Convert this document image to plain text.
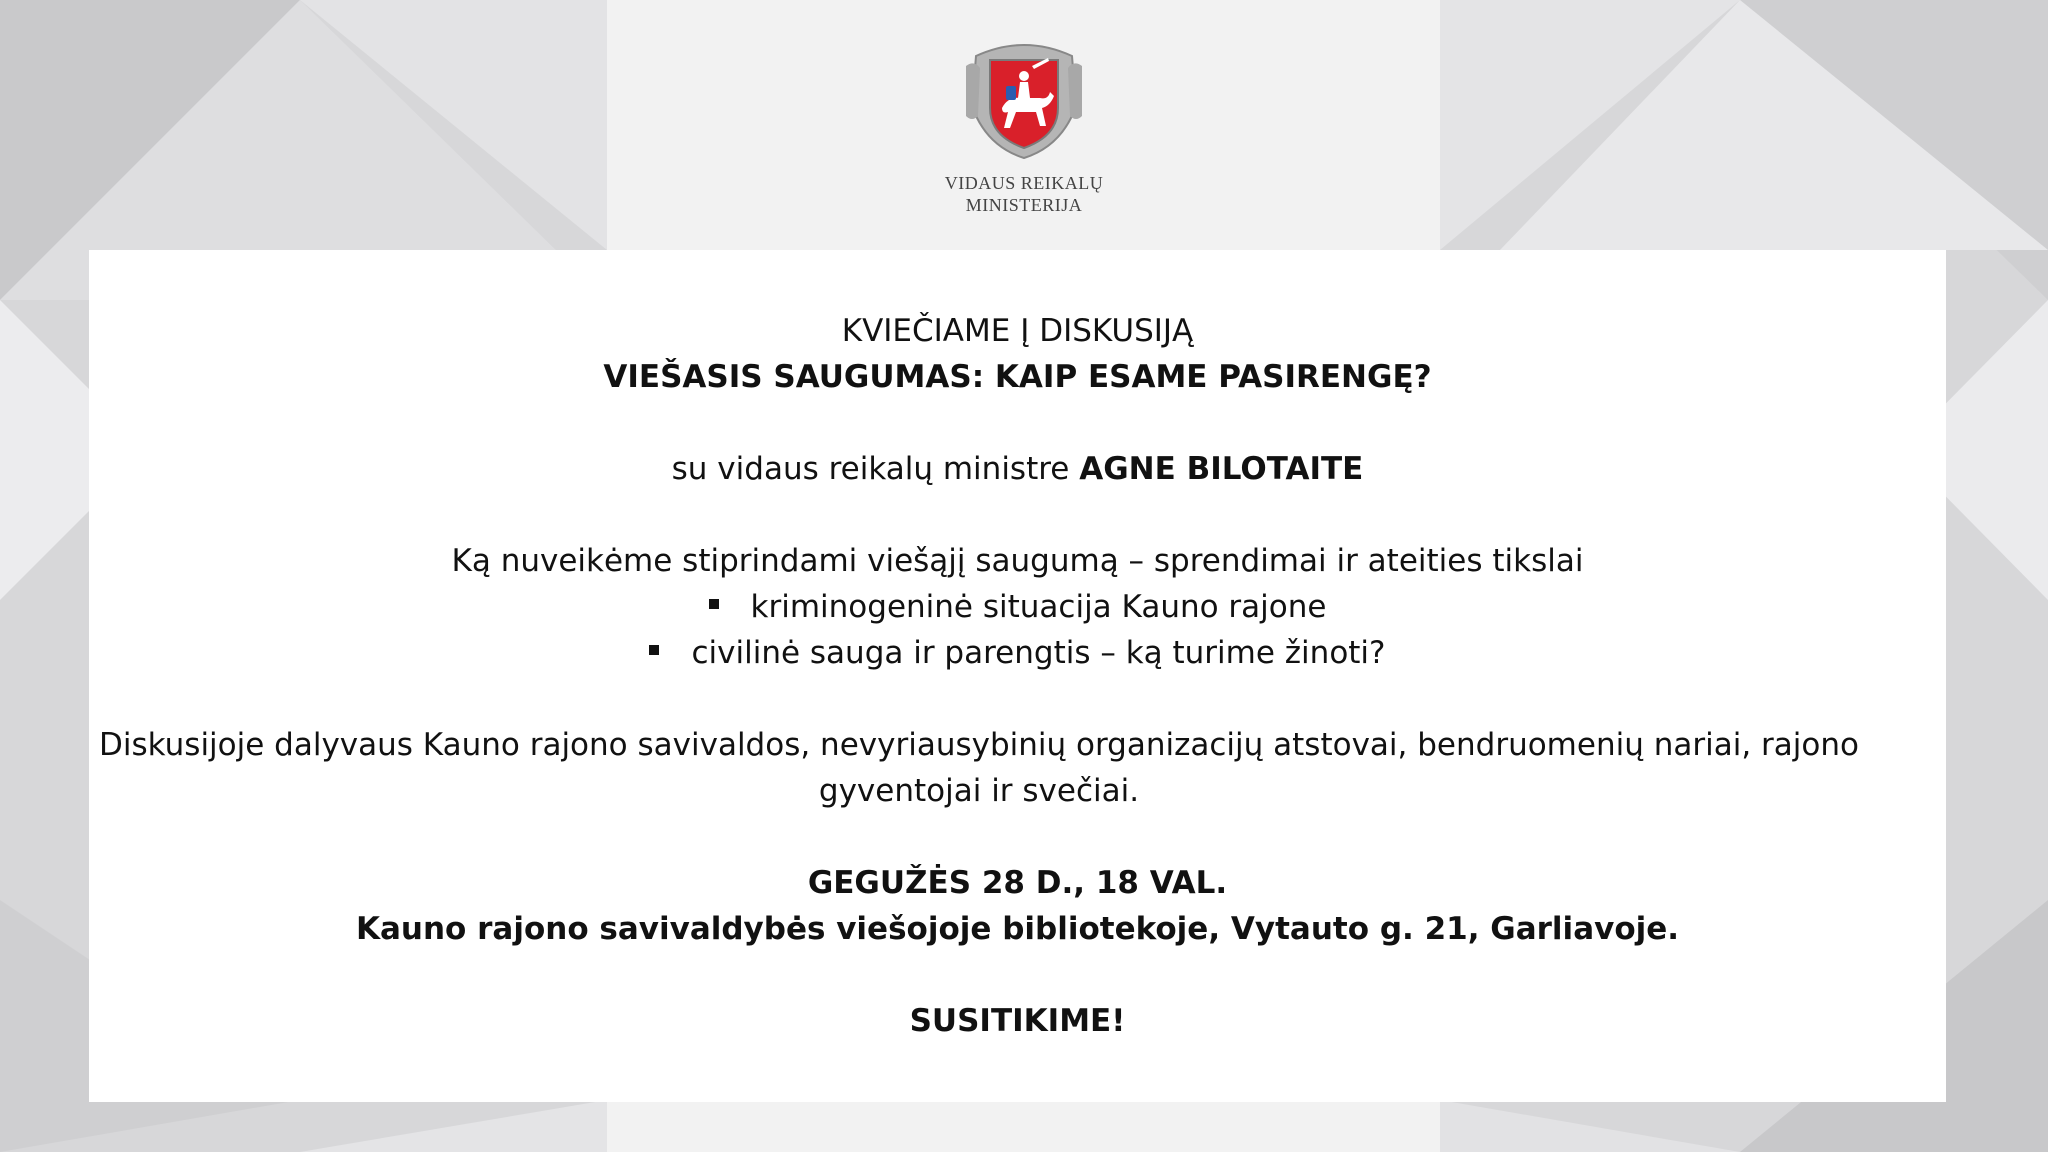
VIDAUS REIKALŲ
MINISTERIJA

KVIEČIAME Į DISKUSIJĄ

VIEŠASIS SAUGUMAS: KAIP ESAME PASIRENGĘ?

su vidaus reikalų ministre AGNE BILOTAITE

Ką nuveikėme stiprindami viešąjį saugumą – sprendimai ir ateities tikslai

kriminogeninė situacija Kauno rajone

civilinė sauga ir parengtis – ką turime žinoti?

Diskusijoje dalyvaus Kauno rajono savivaldos, nevyriausybinių organizacijų atstovai, bendruomenių nariai, rajono gyventojai ir svečiai.

GEGUŽĖS 28 D., 18 VAL.

Kauno rajono savivaldybės viešojoje bibliotekoje, Vytauto g. 21, Garliavoje.

SUSITIKIME!
